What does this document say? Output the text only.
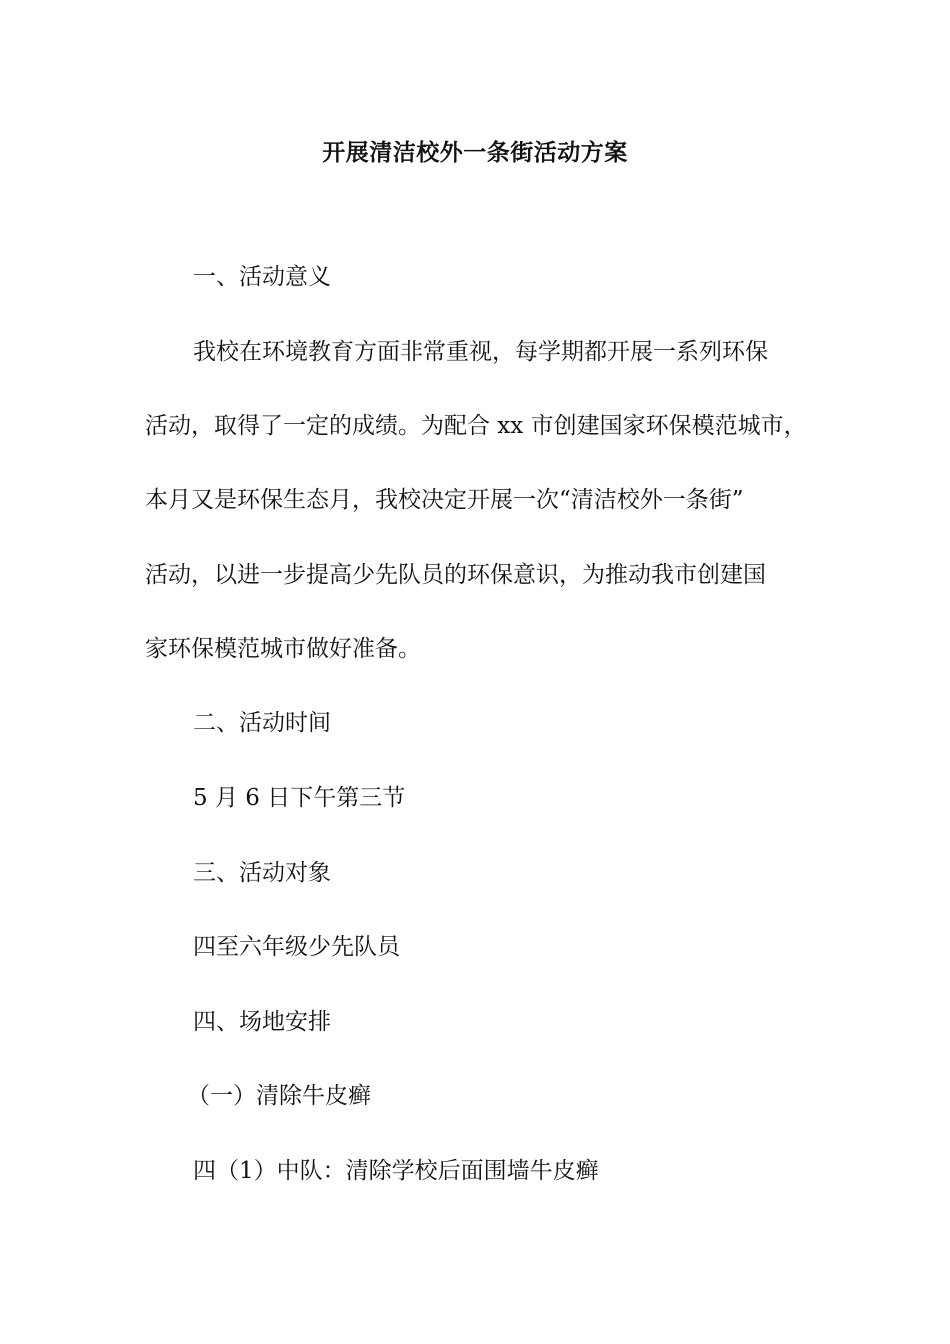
开展清洁校外一条街活动方案

一、活动意义

我校在环境教育方面非常重视，每学期都开展一系列环保

活动，取得了一定的成绩。为配合 xx 市创建国家环保模范城市，

本月又是环保生态月，我校决定开展一次“清洁校外一条街”

活动，以进一步提高少先队员的环保意识，为推动我市创建国

家环保模范城市做好准备。

二、活动时间

5 月 6 日下午第三节

三、活动对象

四至六年级少先队员

四、场地安排

（一）清除牛皮癣

四（1）中队：清除学校后面围墙牛皮癣
